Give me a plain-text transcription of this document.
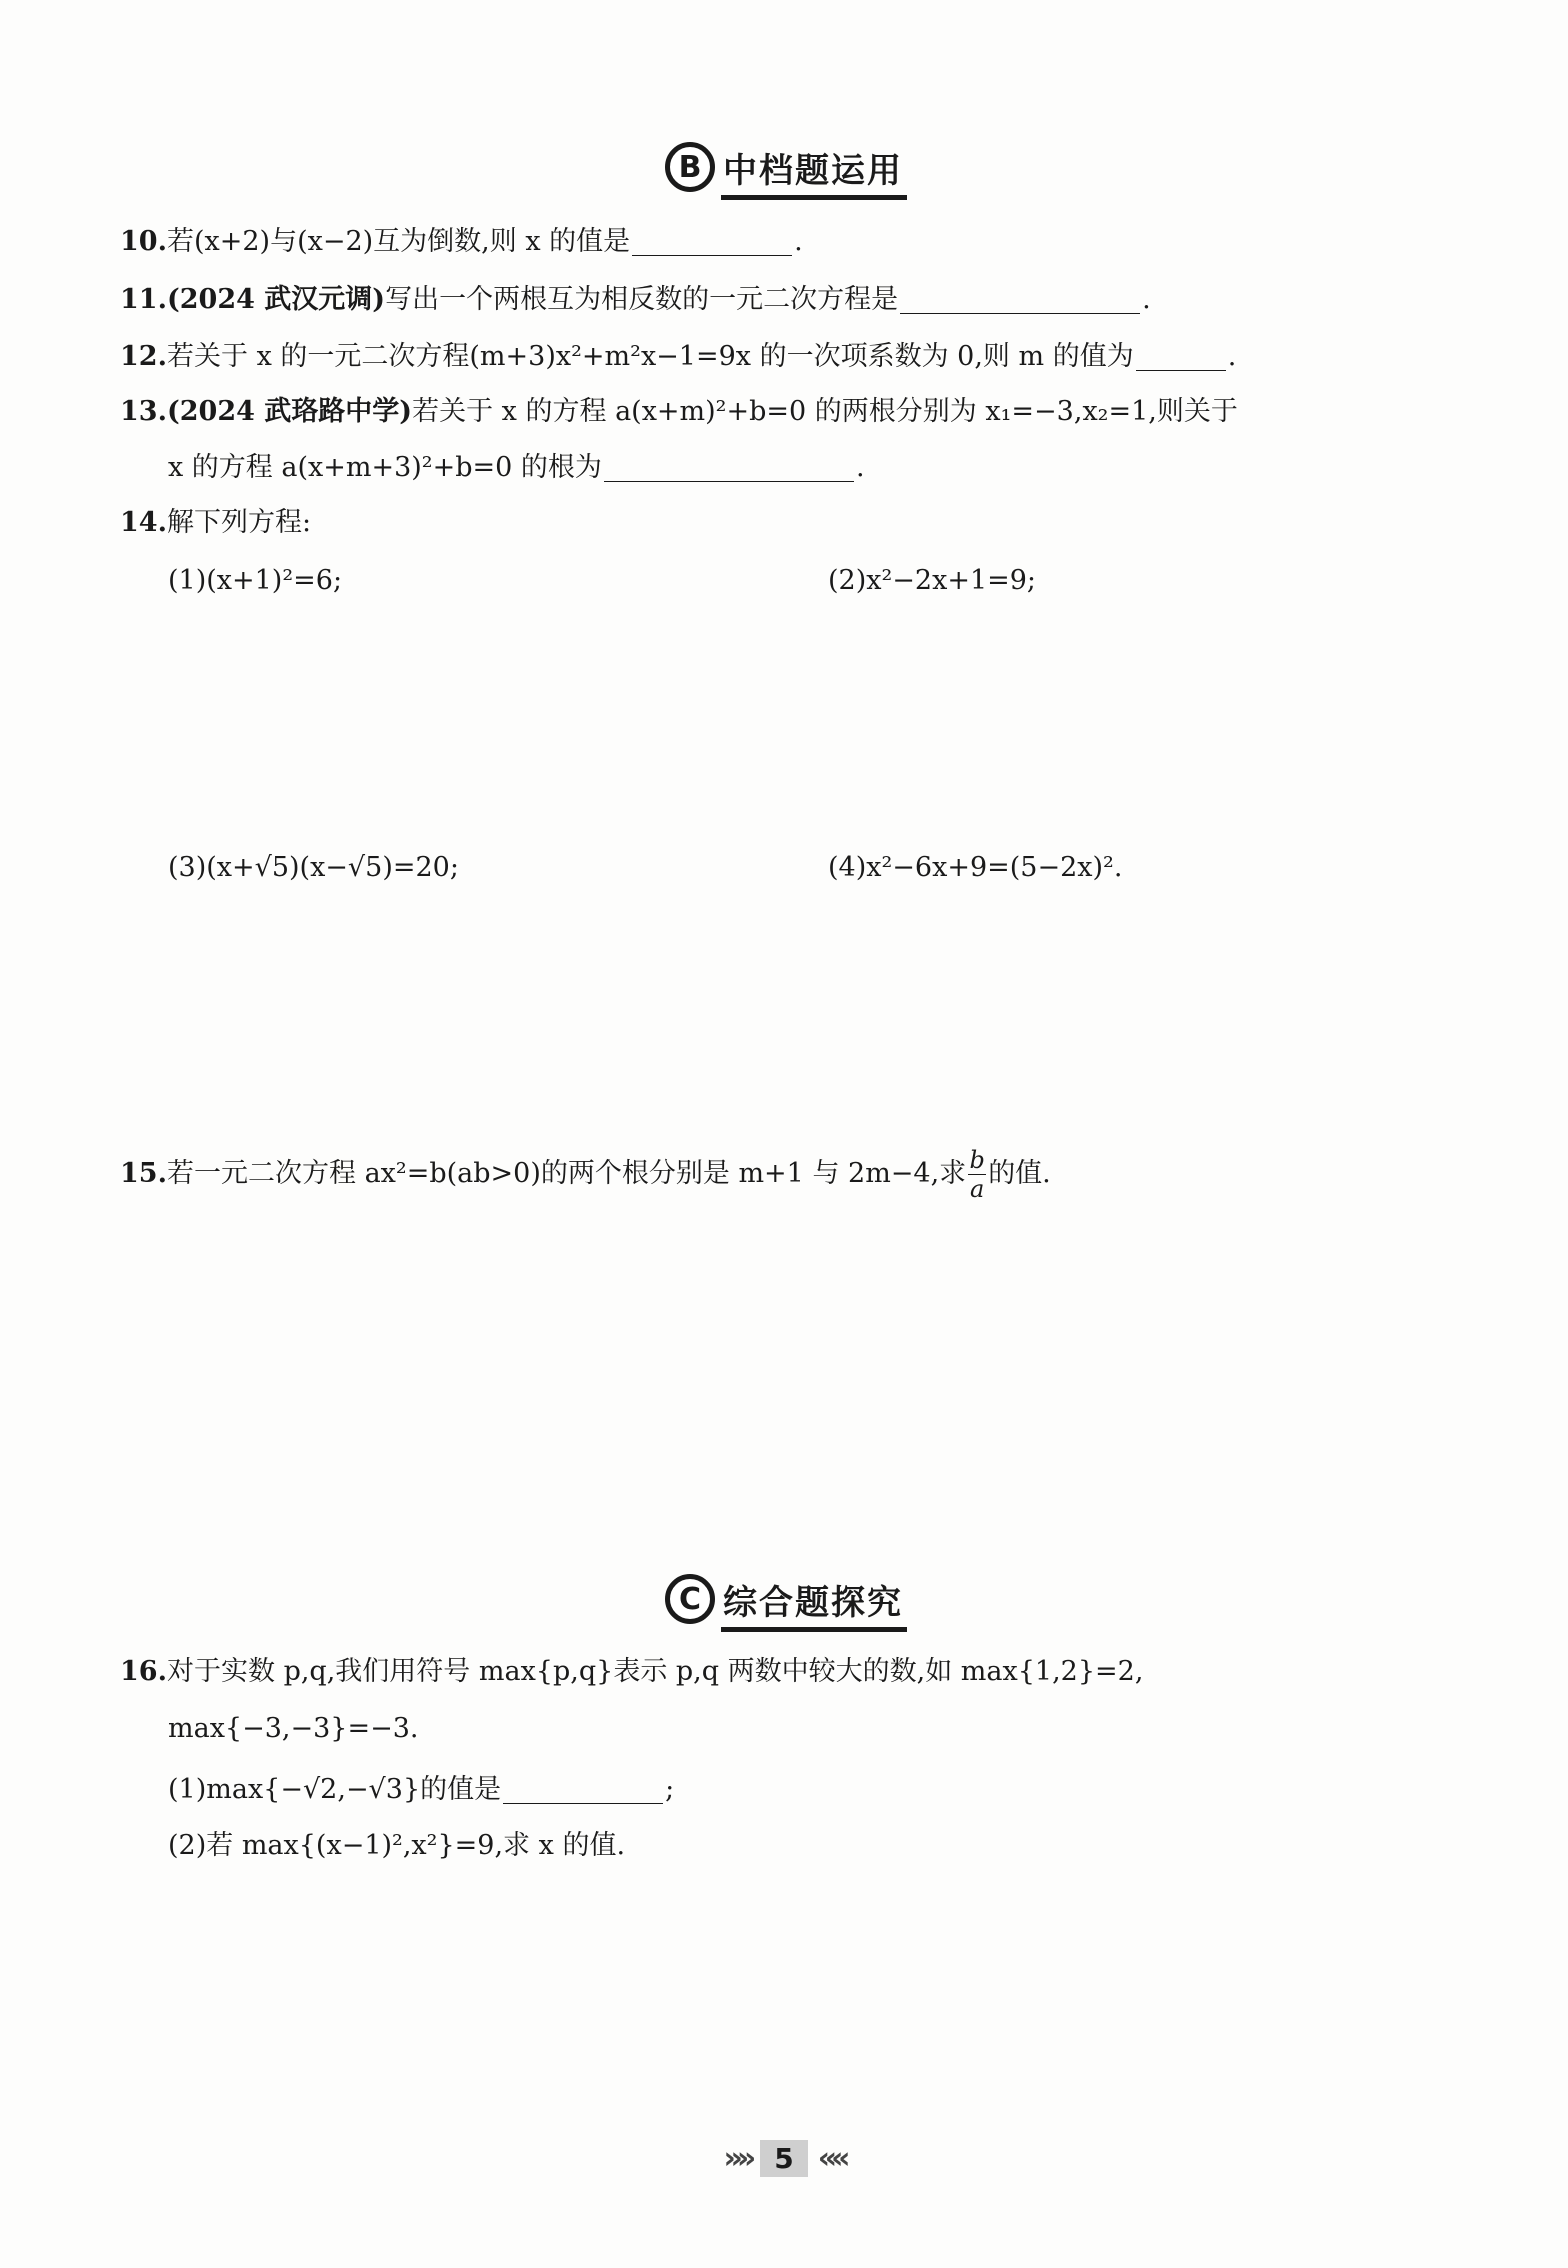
B 中档题运用
10.若(x+2)与(x−2)互为倒数,则 x 的值是	.
11.(2024 武汉元调)写出一个两根互为相反数的一元二次方程是	.
12.若关于 x 的一元二次方程(m+3)x²+m²x−1=9x 的一次项系数为 0,则 m 的值为	.
13.(2024 武珞路中学)若关于 x 的方程 a(x+m)²+b=0 的两根分别为 x₁=−3,x₂=1,则关于
x 的方程 a(x+m+3)²+b=0 的根为	.
14.解下列方程:
(1)(x+1)²=6;	(2)x²−2x+1=9;
(3)(x+√5)(x−√5)=20;	(4)x²−6x+9=(5−2x)².
15.若一元二次方程 ax²=b(ab>0)的两个根分别是 m+1 与 2m−4,求 $\frac{b}{a}$ 的值.
C 综合题探究
16.对于实数 p,q,我们用符号 max{p,q}表示 p,q 两数中较大的数,如 max{1,2}=2,
max{−3,−3}=−3.
(1)max{−√2,−√3}的值是	;
(2)若 max{(x−1)²,x²}=9,求 x 的值.
»» 5 ««
